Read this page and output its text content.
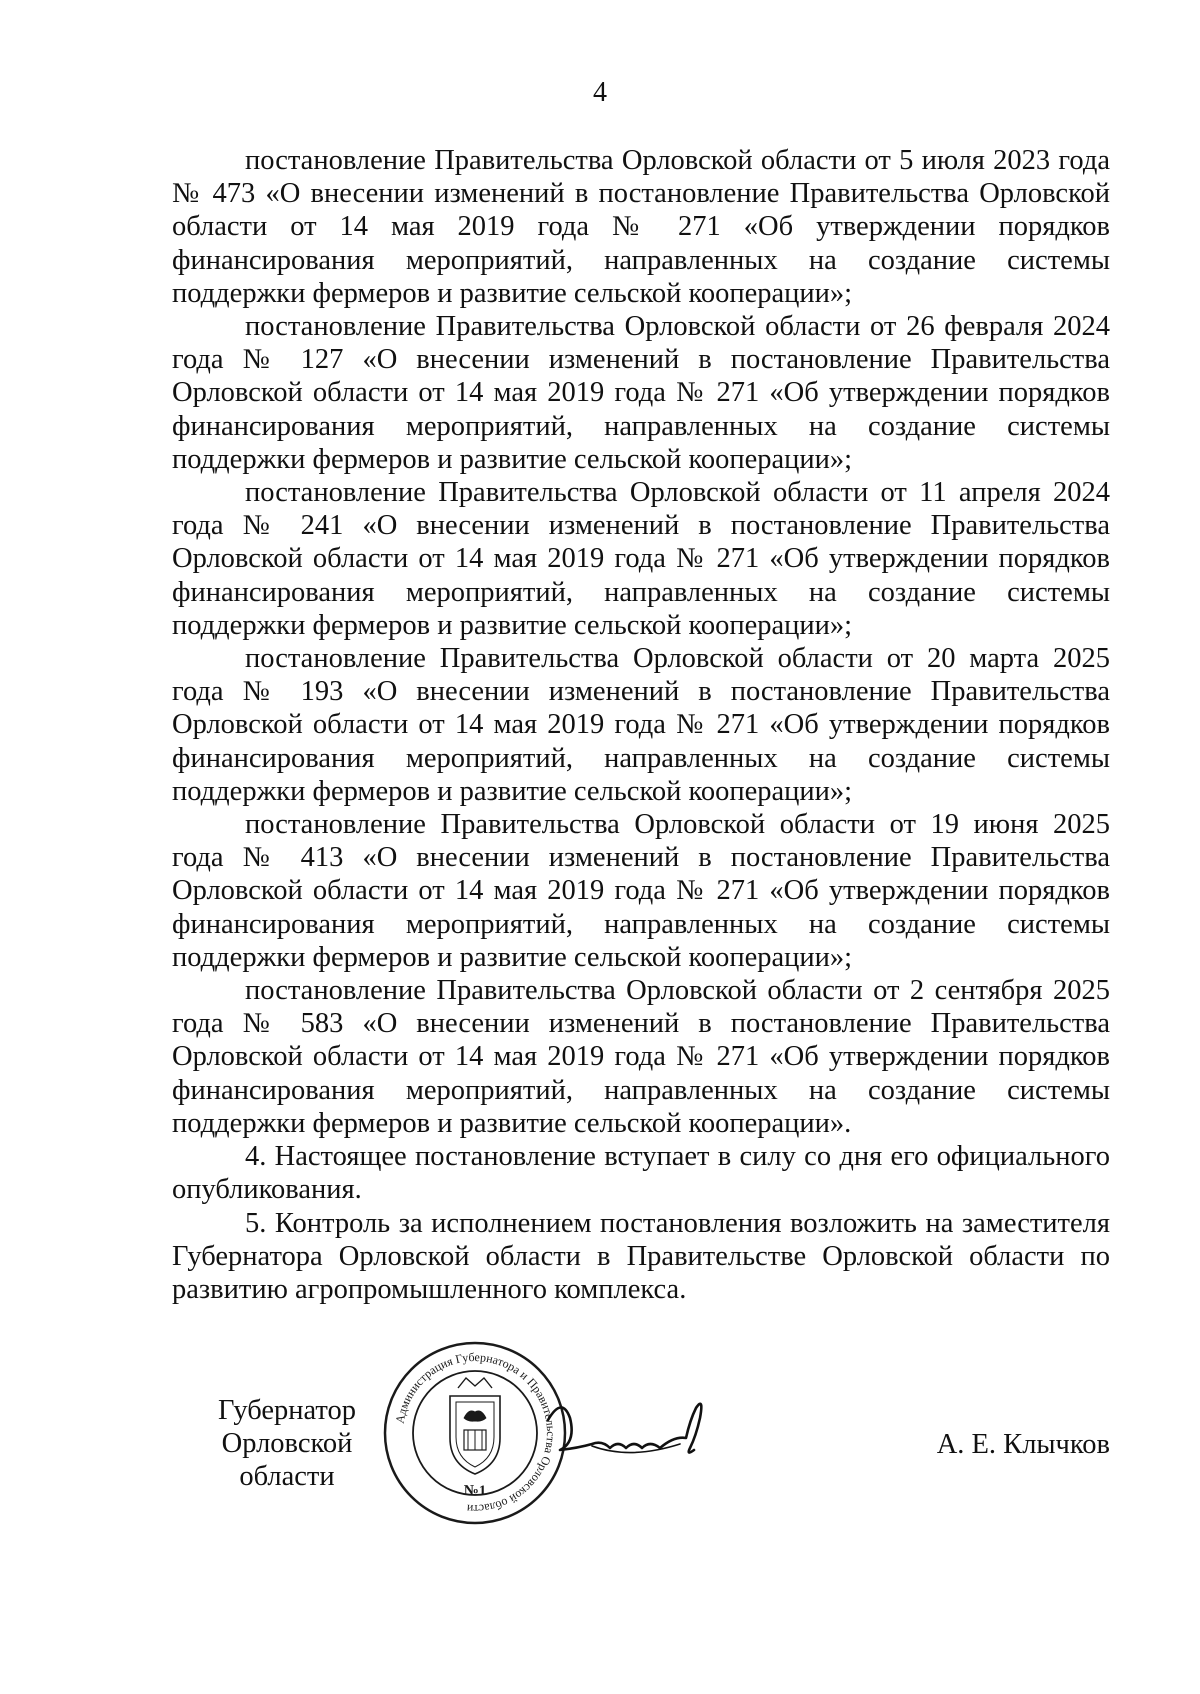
4

постановление Правительства Орловской области от 5 июля 2023 года № 473 «О внесении изменений в постановление Правительства Орловской области от 14 мая 2019 года № 271 «Об утверждении порядков финансирования мероприятий, направленных на создание системы поддержки фермеров и развитие сельской кооперации»;

постановление Правительства Орловской области от 26 февраля 2024 года № 127 «О внесении изменений в постановление Правительства Орловской области от 14 мая 2019 года № 271 «Об утверждении порядков финансирования мероприятий, направленных на создание системы поддержки фермеров и развитие сельской кооперации»;

постановление Правительства Орловской области от 11 апреля 2024 года № 241 «О внесении изменений в постановление Правительства Орловской области от 14 мая 2019 года № 271 «Об утверждении порядков финансирования мероприятий, направленных на создание системы поддержки фермеров и развитие сельской кооперации»;

постановление Правительства Орловской области от 20 марта 2025 года № 193 «О внесении изменений в постановление Правительства Орловской области от 14 мая 2019 года № 271 «Об утверждении порядков финансирования мероприятий, направленных на создание системы поддержки фермеров и развитие сельской кооперации»;

постановление Правительства Орловской области от 19 июня 2025 года № 413 «О внесении изменений в постановление Правительства Орловской области от 14 мая 2019 года № 271 «Об утверждении порядков финансирования мероприятий, направленных на создание системы поддержки фермеров и развитие сельской кооперации»;

постановление Правительства Орловской области от 2 сентября 2025 года № 583 «О внесении изменений в постановление Правительства Орловской области от 14 мая 2019 года № 271 «Об утверждении порядков финансирования мероприятий, направленных на создание системы поддержки фермеров и развитие сельской кооперации».

4. Настоящее постановление вступает в силу со дня его официального опубликования.

5. Контроль за исполнением постановления возложить на заместителя Губернатора Орловской области в Правительстве Орловской области по развитию агропромышленного комплекса.

Губернатор
Орловской области
Администрация Губернатора и Правительства Орловской области
№1
А. Е. Клычков
